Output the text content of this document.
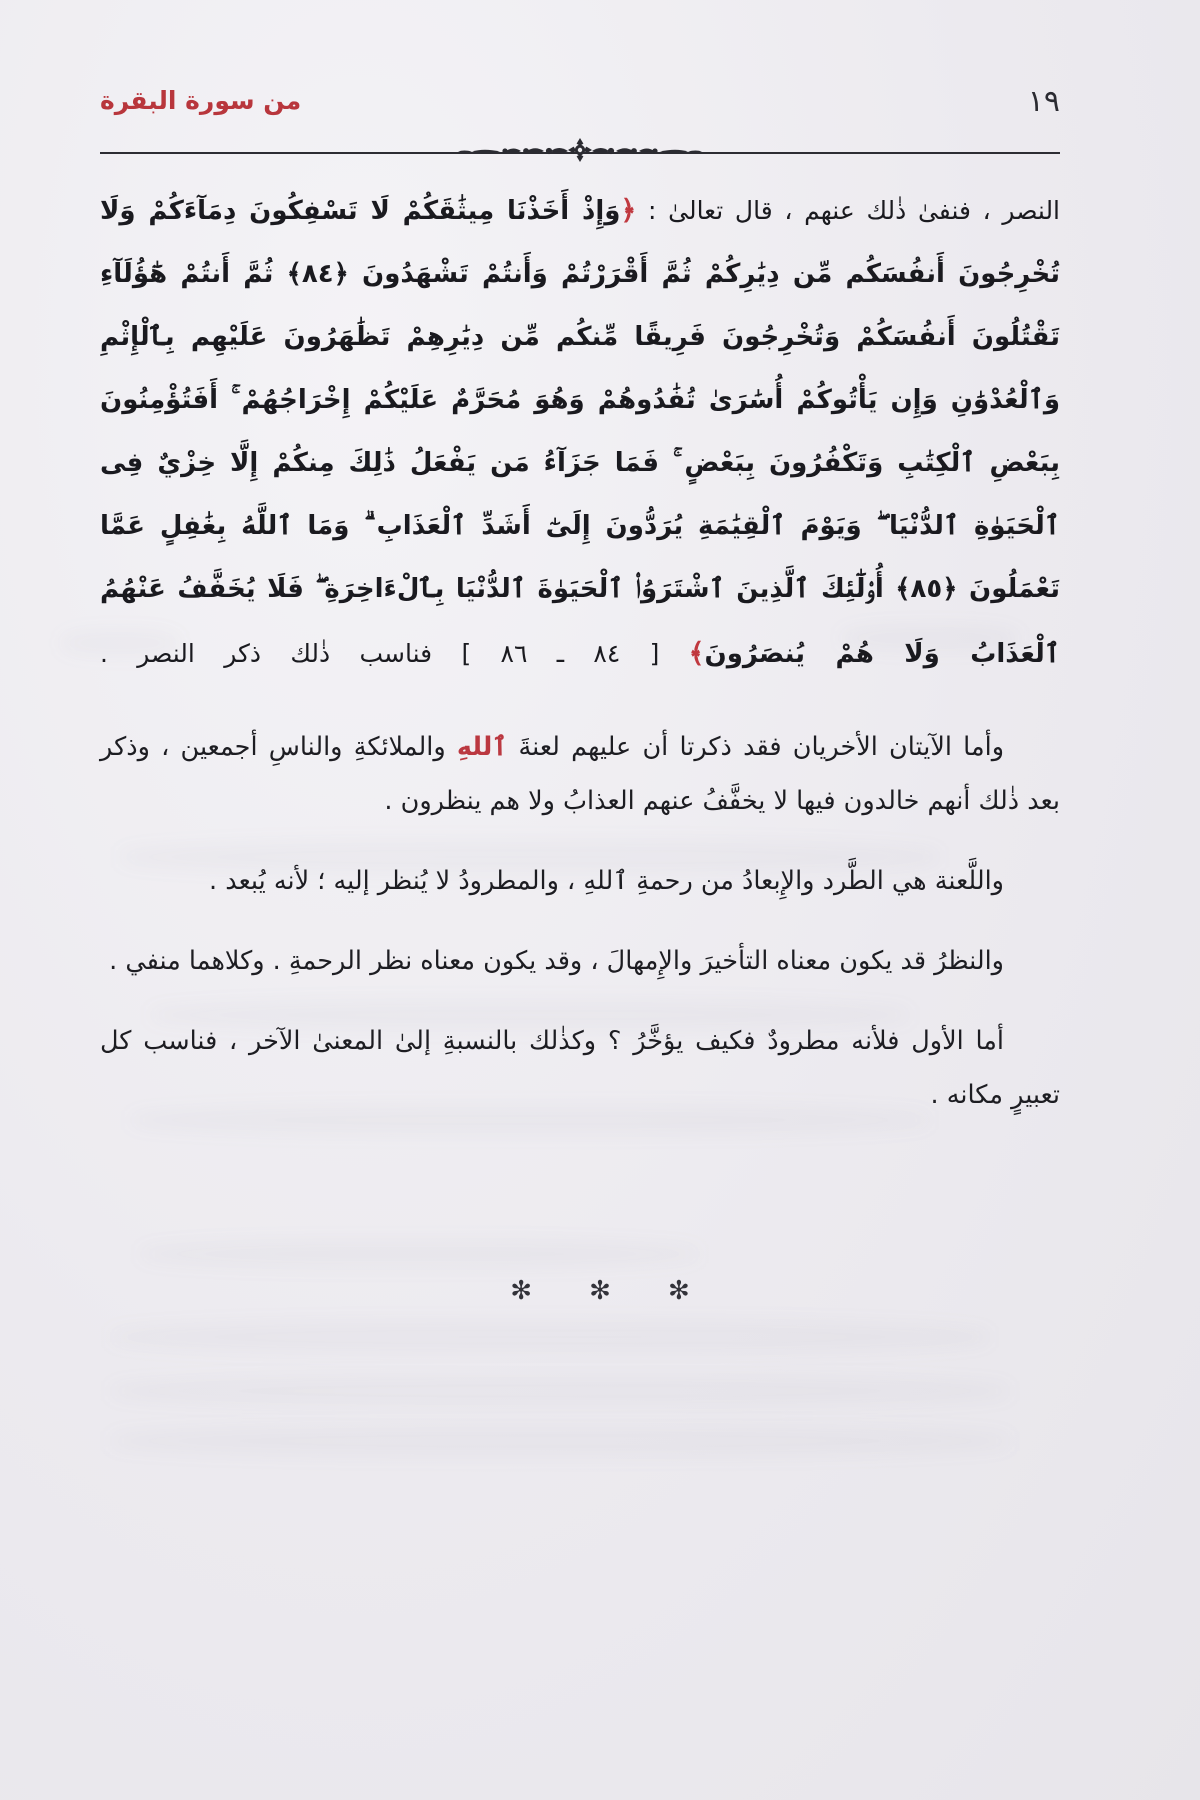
١٩
من سورة البقرة

النصر ، فنفىٰ ذٰلك عنهم ، قال تعالىٰ : ﴿وَإِذْ أَخَذْنَا مِيثَٰقَكُمْ لَا تَسْفِكُونَ دِمَآءَكُمْ وَلَا تُخْرِجُونَ أَنفُسَكُم مِّن دِيَٰرِكُمْ ثُمَّ أَقْرَرْتُمْ وَأَنتُمْ تَشْهَدُونَ ﴿٨٤﴾ ثُمَّ أَنتُمْ هَٰٓؤُلَآءِ تَقْتُلُونَ أَنفُسَكُمْ وَتُخْرِجُونَ فَرِيقًا مِّنكُم مِّن دِيَٰرِهِمْ تَظَٰهَرُونَ عَلَيْهِم بِٱلْإِثْمِ وَٱلْعُدْوَٰنِ وَإِن يَأْتُوكُمْ أُسَٰرَىٰ تُفَٰدُوهُمْ وَهُوَ مُحَرَّمٌ عَلَيْكُمْ إِخْرَاجُهُمْ ۚ أَفَتُؤْمِنُونَ بِبَعْضِ ٱلْكِتَٰبِ وَتَكْفُرُونَ بِبَعْضٍ ۚ فَمَا جَزَآءُ مَن يَفْعَلُ ذَٰلِكَ مِنكُمْ إِلَّا خِزْيٌ فِى ٱلْحَيَوٰةِ ٱلدُّنْيَا ۖ وَيَوْمَ ٱلْقِيَٰمَةِ يُرَدُّونَ إِلَىٰٓ أَشَدِّ ٱلْعَذَابِ ۗ وَمَا ٱللَّهُ بِغَٰفِلٍ عَمَّا تَعْمَلُونَ ﴿٨٥﴾ أُو۟لَٰٓئِكَ ٱلَّذِينَ ٱشْتَرَوُا۟ ٱلْحَيَوٰةَ ٱلدُّنْيَا بِٱلْءَاخِرَةِ ۖ فَلَا يُخَفَّفُ عَنْهُمُ ٱلْعَذَابُ وَلَا هُمْ يُنصَرُونَ﴾ [ ٨٤ ـ ٨٦ ] فناسب ذٰلك ذكر النصر .

وأما الآيتان الأخريان فقد ذكرتا أن عليهم لعنةَ ٱللهِ والملائكةِ والناسِ أجمعين ، وذكر بعد ذٰلك أنهم خالدون فيها لا يخفَّفُ عنهم العذابُ ولا هم ينظرون .

واللَّعنة هي الطَّرد والإِبعادُ من رحمةِ ٱللهِ ، والمطرودُ لا يُنظر إليه ؛ لأنه يُبعد .

والنظرُ قد يكون معناه التأخيرَ والإِمهالَ ، وقد يكون معناه نظر الرحمةِ . وكلاهما منفي .

أما الأول فلأنه مطرودٌ فكيف يؤخَّرُ ؟ وكذٰلك بالنسبةِ إلىٰ المعنىٰ الآخر ، فناسب كل تعبيرٍ مكانه .

✻ ✻ ✻
